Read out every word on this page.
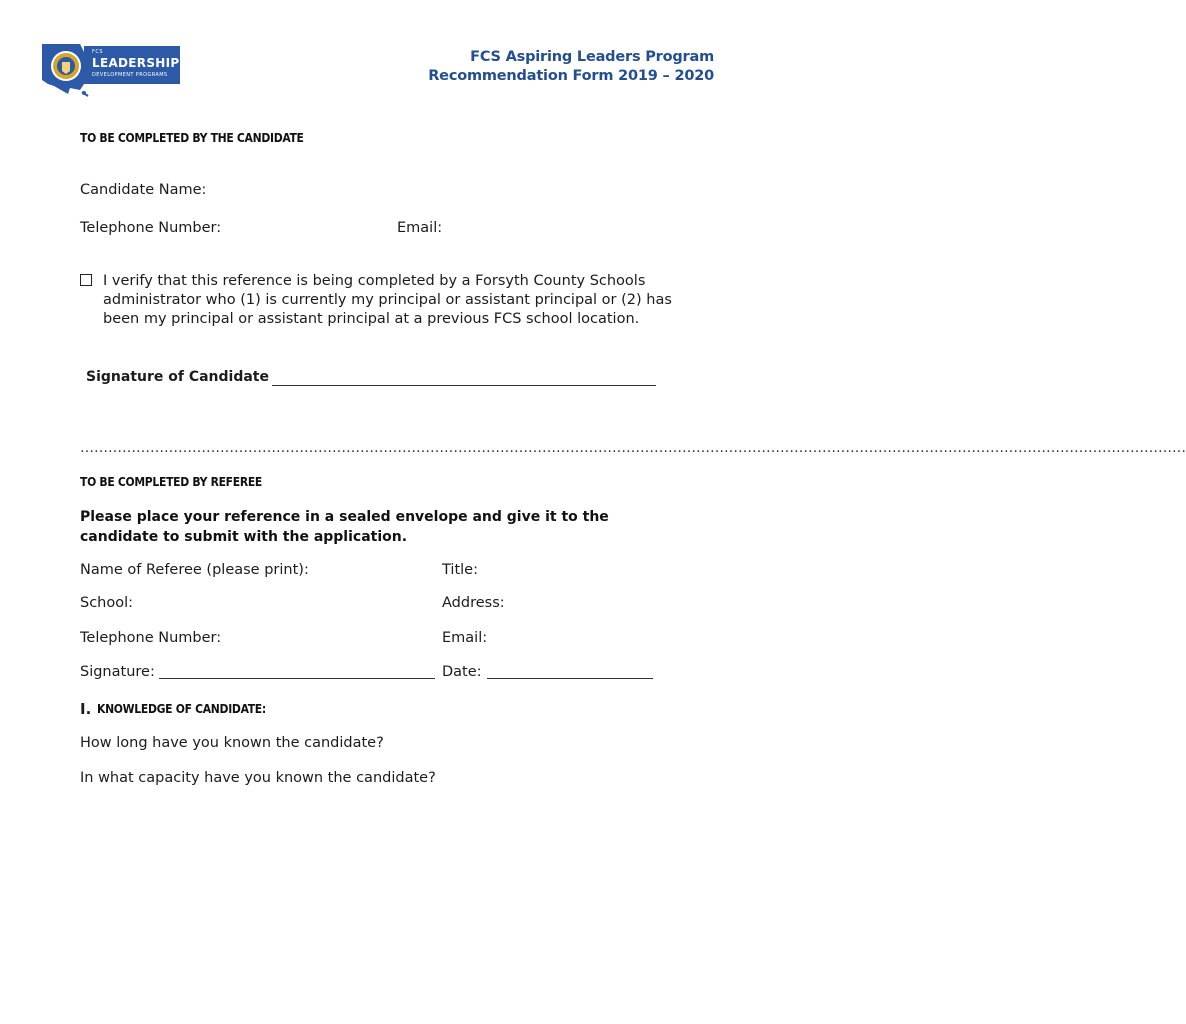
FCS
LEADERSHIP
DEVELOPMENT PROGRAMS
FCS Aspiring Leaders Program
Recommendation Form 2019 – 2020
TO BE COMPLETED BY THE CANDIDATE
Candidate Name:
Telephone Number:	Email:
I verify that this reference is being completed by a Forsyth County Schools administrator who (1) is currently my principal or assistant principal or (2) has been my principal or assistant principal at a previous FCS school location.
Signature of Candidate
…………………………………………………………………………………………………………………………………………………………………………………………………………………
TO BE COMPLETED BY REFEREE
Please place your reference in a sealed envelope and give it to the candidate to submit with the application.
Name of Referee (please print):	Title:
School:	Address:
Telephone Number:	Email:
Signature:	Date:
I. KNOWLEDGE OF CANDIDATE:
How long have you known the candidate?
In what capacity have you known the candidate?
